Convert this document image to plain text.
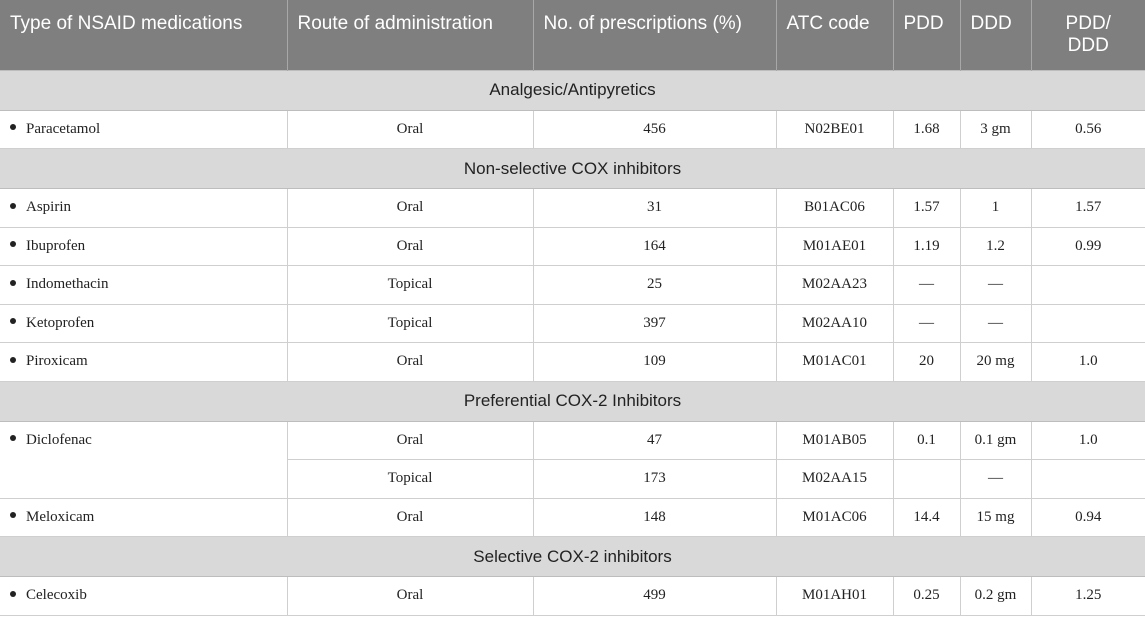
Type of NSAID medications	Route of administration	No. of prescriptions (%)	ATC code	PDD	DDD	PDD/ DDD

Analgesic/Antipyretics						
Paracetamol	Oral	456	N02BE01	1.68	3 gm	0.56
Non-selective COX inhibitors						
Aspirin	Oral	31	B01AC06	1.57	1	1.57
Ibuprofen	Oral	164	M01AE01	1.19	1.2	0.99
Indomethacin	Topical	25	M02AA23	—	—	
Ketoprofen	Topical	397	M02AA10	—	—	
Piroxicam	Oral	109	M01AC01	20	20 mg	1.0
Preferential COX-2 Inhibitors						
Diclofenac	Oral	47	M01AB05	0.1	0.1 gm	1.0
	Topical	173	M02AA15		—	
Meloxicam	Oral	148	M01AC06	14.4	15 mg	0.94
Selective COX-2 inhibitors						
Celecoxib	Oral	499	M01AH01	0.25	0.2 gm	1.25
